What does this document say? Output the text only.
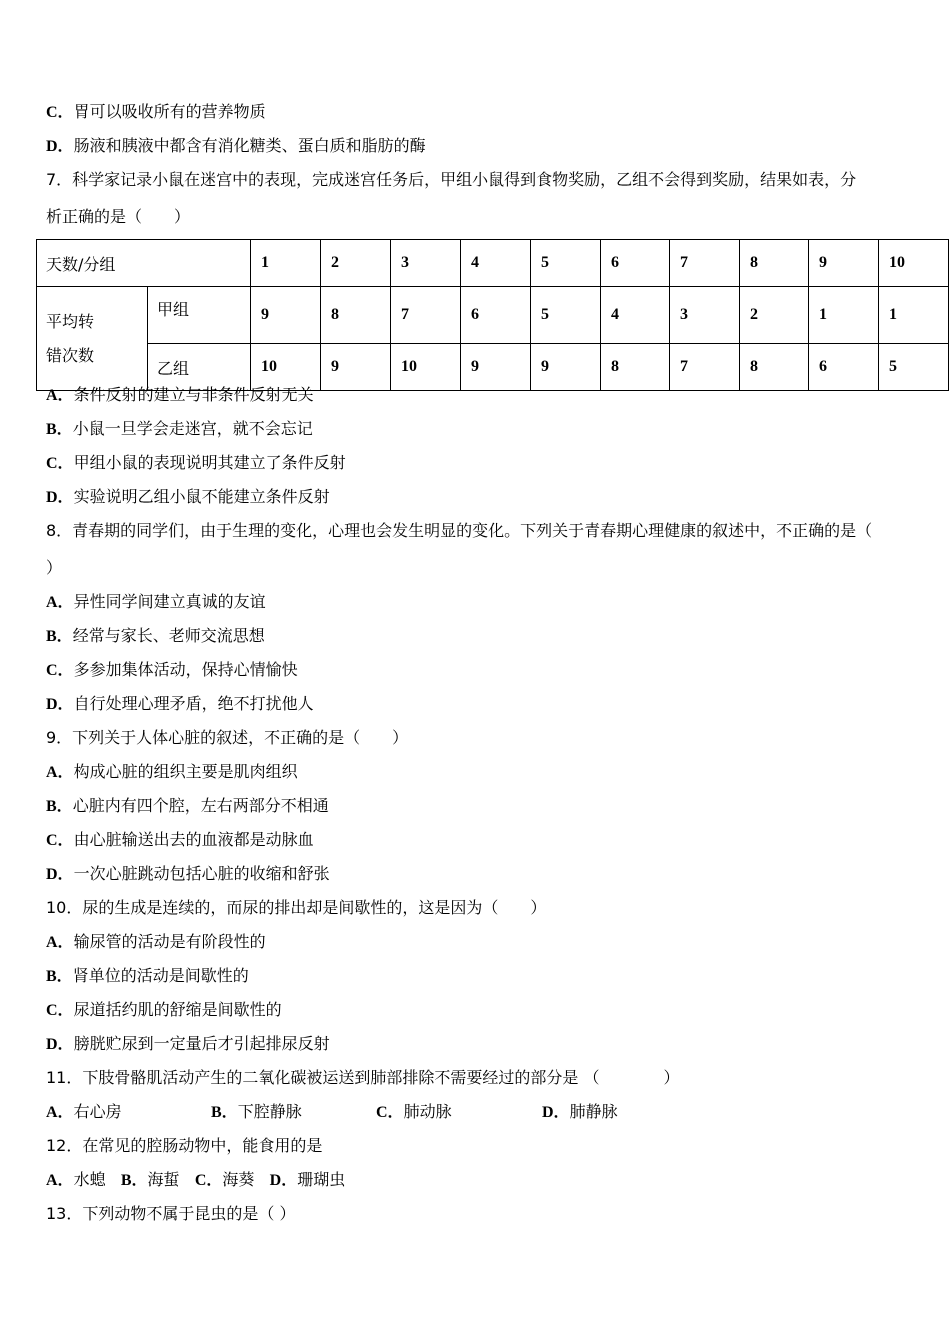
C．胃可以吸收所有的营养物质
D．肠液和胰液中都含有消化糖类、蛋白质和脂肪的酶
7．科学家记录小鼠在迷宫中的表现，完成迷宫任务后，甲组小鼠得到食物奖励，乙组不会得到奖励，结果如表，分
析正确的是（　　）
天数/分组		1	2	3	4	5	6	7	8	9	10
平均转
错次数	甲组	9	8	7	6	5	4	3	2	1	1
	乙组	10	9	10	9	9	8	7	8	6	5
A．条件反射的建立与非条件反射无关
B．小鼠一旦学会走迷宫，就不会忘记
C．甲组小鼠的表现说明其建立了条件反射
D．实验说明乙组小鼠不能建立条件反射
8．青春期的同学们，由于生理的变化，心理也会发生明显的变化。下列关于青春期心理健康的叙述中，不正确的是（
）
A．异性同学间建立真诚的友谊
B．经常与家长、老师交流思想
C．多参加集体活动，保持心情愉快
D．自行处理心理矛盾，绝不打扰他人
9．下列关于人体心脏的叙述，不正确的是（　　）
A．构成心脏的组织主要是肌肉组织
B．心脏内有四个腔，左右两部分不相通
C．由心脏输送出去的血液都是动脉血
D．一次心脏跳动包括心脏的收缩和舒张
10．尿的生成是连续的，而尿的排出却是间歇性的，这是因为（　　）
A．输尿管的活动是有阶段性的
B．肾单位的活动是间歇性的
C．尿道括约肌的舒缩是间歇性的
D．膀胱贮尿到一定量后才引起排尿反射
11．下肢骨骼肌活动产生的二氧化碳被运送到肺部排除不需要经过的部分是 （　　　　）
A．右心房	B．下腔静脉	C．肺动脉	D．肺静脉
12．在常见的腔肠动物中，能食用的是
A．水螅 B．海蜇 C．海葵 D．珊瑚虫
13．下列动物不属于昆虫的是（ ）
